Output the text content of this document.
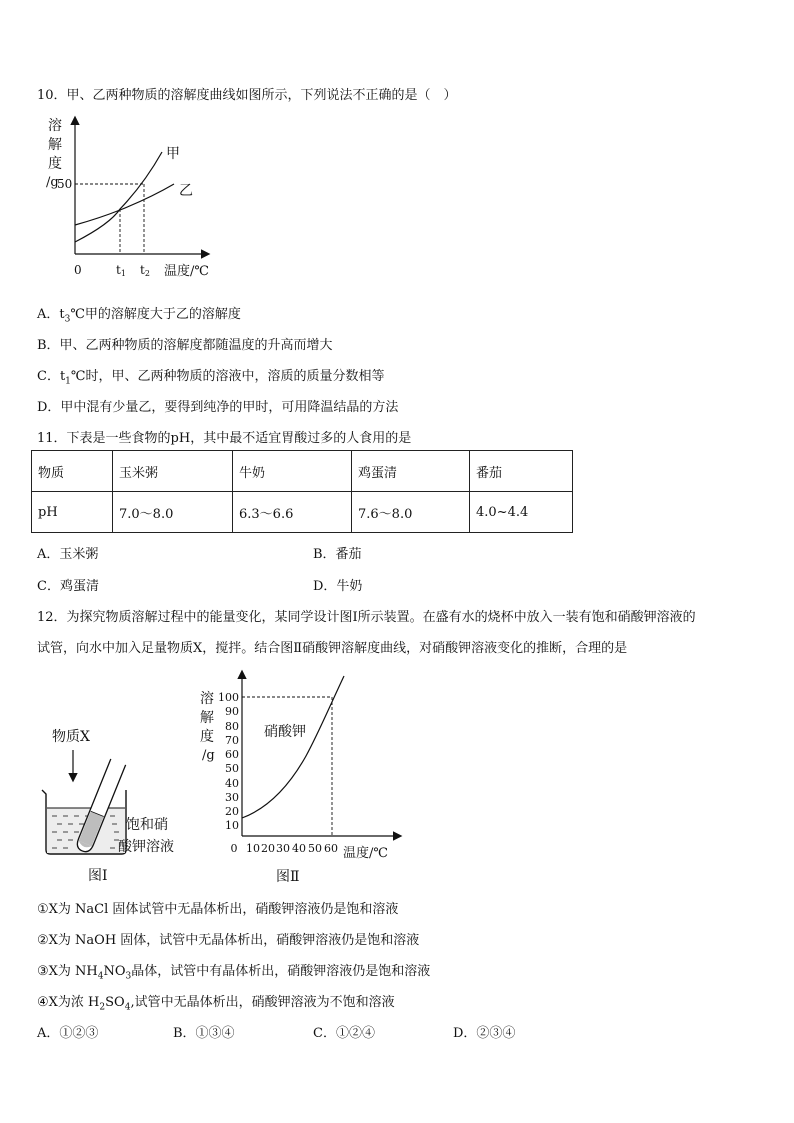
10．甲、乙两种物质的溶解度曲线如图所示，下列说法不正确的是（　）
溶
解
度
/g
50
甲
乙
0	t1 t2 温度/℃
A．$t_3℃$甲的溶解度大于乙的溶解度
B．甲、乙两种物质的溶解度都随温度的升高而增大
C．$t_1℃$时，甲、乙两种物质的溶液中，溶质的质量分数相等
D．甲中混有少量乙，要得到纯净的甲时，可用降温结晶的方法
11．下表是一些食物的pH，其中最不适宜胃酸过多的人食用的是
物质	玉米粥	牛奶	鸡蛋清	番茄
pH	7.0～8.0	6.3～6.6	7.6～8.0	4.0~4.4
A．玉米粥	B．番茄
C．鸡蛋清	D．牛奶
12．为探究物质溶解过程中的能量变化，某同学设计图Ⅰ所示装置。在盛有水的烧杯中放入一装有饱和硝酸钾溶液的
试管，向水中加入足量物质X，搅拌。结合图Ⅱ硝酸钾溶解度曲线，对硝酸钾溶液变化的推断，合理的是
物质X
饱和硝
酸钾溶液
图Ⅰ
溶
解
度
/g
100
90
80
70
60
50
40
30
20
10
0 10 20 30 40 50 60 温度/℃
硝酸钾
图Ⅱ
①X为 NaCl 固体试管中无晶体析出，硝酸钾溶液仍是饱和溶液
②X为 NaOH 固体，试管中无晶体析出，硝酸钾溶液仍是饱和溶液
③X为 $NH_4NO_3$晶体，试管中有晶体析出，硝酸钾溶液仍是饱和溶液
④X为浓 $H_2SO_4$,试管中无晶体析出，硝酸钾溶液为不饱和溶液
A．①②③	B．①③④	C．①②④	D．②③④
